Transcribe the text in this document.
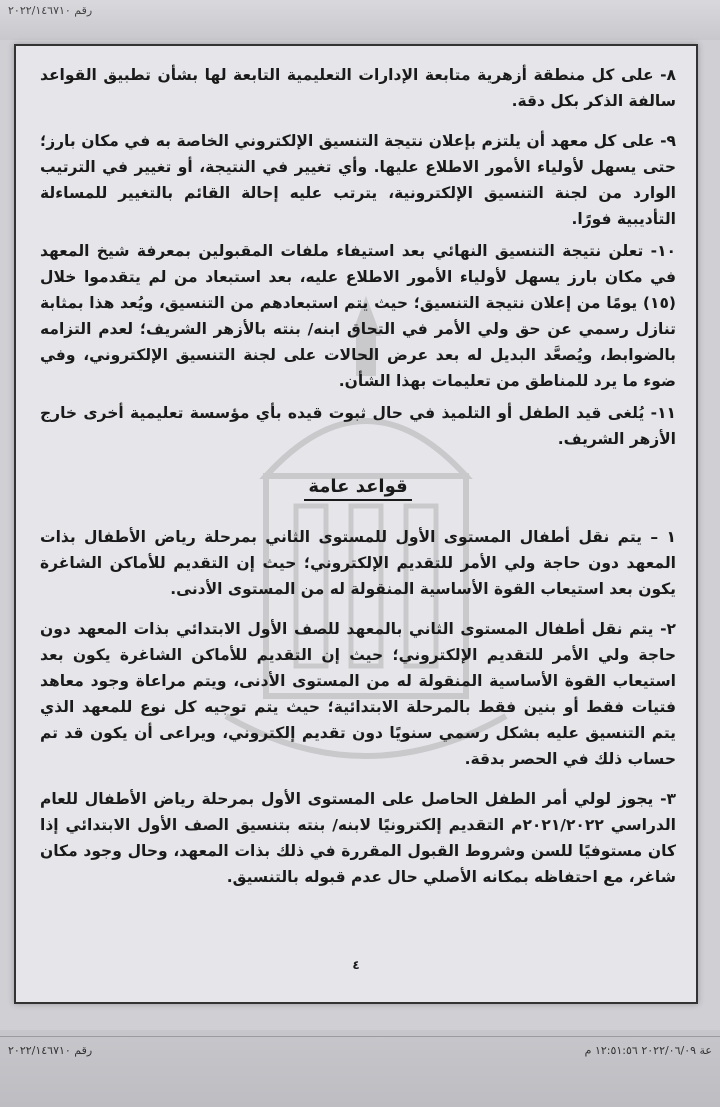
رقم ٢٠٢٢/١٤٦٧١٠

٨- على كل منطقة أزهرية متابعة الإدارات التعليمية التابعة لها بشأن تطبيق القواعد سالفة الذكر بكل دقة.

٩- على كل معهد أن يلتزم بإعلان نتيجة التنسيق الإلكتروني الخاصة به في مكان بارز؛ حتى يسهل لأولياء الأمور الاطلاع عليها. وأي تغيير في النتيجة، أو تغيير في الترتيب الوارد من لجنة التنسيق الإلكترونية، يترتب عليه إحالة القائم بالتغيير للمساءلة التأديبية فورًا.

١٠- تعلن نتيجة التنسيق النهائي بعد استيفاء ملفات المقبولين بمعرفة شيخ المعهد في مكان بارز يسهل لأولياء الأمور الاطلاع عليه، بعد استبعاد من لم يتقدموا خلال (١٥) يومًا من إعلان نتيجة التنسيق؛ حيث يتم استبعادهم من التنسيق، ويُعد هذا بمثابة تنازل رسمي عن حق ولي الأمر في التحاق ابنه/ بنته بالأزهر الشريف؛ لعدم التزامه بالضوابط، ويُصعَّد البديل له بعد عرض الحالات على لجنة التنسيق الإلكتروني، وفي ضوء ما يرد للمناطق من تعليمات بهذا الشأن.

١١- يُلغى قيد الطفل أو التلميذ في حال ثبوت قيده بأي مؤسسة تعليمية أخرى خارج الأزهر الشريف.

قواعد عامة

١ – يتم نقل أطفال المستوى الأول للمستوى الثاني بمرحلة رياض الأطفال بذات المعهد دون حاجة ولي الأمر للتقديم الإلكتروني؛ حيث إن التقديم للأماكن الشاغرة يكون بعد استيعاب القوة الأساسية المنقولة له من المستوى الأدنى.

٢- يتم نقل أطفال المستوى الثاني بالمعهد للصف الأول الابتدائي بذات المعهد دون حاجة ولي الأمر للتقديم الإلكتروني؛ حيث إن التقديم للأماكن الشاغرة يكون بعد استيعاب القوة الأساسية المنقولة له من المستوى الأدنى، ويتم مراعاة وجود معاهد فتيات فقط أو بنين فقط بالمرحلة الابتدائية؛ حيث يتم توجيه كل نوع للمعهد الذي يتم التنسيق عليه بشكل رسمي سنويًا دون تقديم إلكتروني، ويراعى أن يكون قد تم حساب ذلك في الحصر بدقة.

٣- يجوز لولي أمر الطفل الحاصل على المستوى الأول بمرحلة رياض الأطفال للعام الدراسي ٢٠٢١/٢٠٢٢م التقديم إلكترونيًا لابنه/ بنته بتنسيق الصف الأول الابتدائي إذا كان مستوفيًا للسن وشروط القبول المقررة في ذلك بذات المعهد، وحال وجود مكان شاغر، مع احتفاظه بمكانه الأصلي حال عدم قبوله بالتنسيق.

٤
رقم ٢٠٢٢/١٤٦٧١٠	عة ٢٠٢٢/٠٦/٠٩ ١٢:٥١:٥٦ م
